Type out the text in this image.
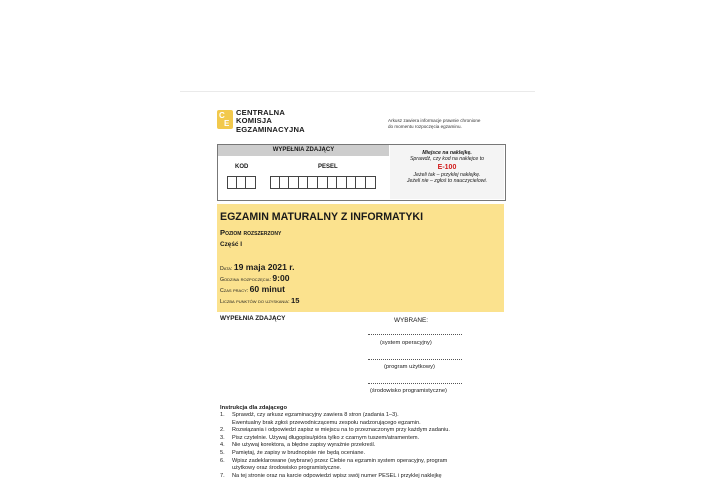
C
E
CENTRALNA
KOMISJA
EGZAMINACYJNA
Arkusz zawiera informacje prawnie chronione
do momentu rozpoczęcia egzaminu.
WYPEŁNIA ZDAJĄCY
KOD	PESEL
Miejsce na naklejkę.
Sprawdź, czy kod na naklejce to
E-100
Jeżeli tak – przyklej naklejkę.
Jeżeli nie – zgłoś to nauczycielowi.
EGZAMIN MATURALNY Z INFORMATYKI
Poziom rozszerzony
Część I
Data: 19 maja 2021 r.
Godzina rozpoczęcia: 9:00
Czas pracy: 60 minut
Liczba punktów do uzyskania: 15
WYPEŁNIA ZDAJĄCY	WYBRANE:
(system operacyjny)
(program użytkowy)
(środowisko programistyczne)
Instrukcja dla zdającego
1. Sprawdź, czy arkusz egzaminacyjny zawiera 8 stron (zadania 1–3).
Ewentualny brak zgłoś przewodniczącemu zespołu nadzorującego egzamin.
2. Rozwiązania i odpowiedzi zapisz w miejscu na to przeznaczonym przy każdym zadaniu.
3. Pisz czytelnie. Używaj długopisu/pióra tylko z czarnym tuszem/atramentem.
4. Nie używaj korektora, a błędne zapisy wyraźnie przekreśl.
5. Pamiętaj, że zapisy w brudnopisie nie będą oceniane.
6. Wpisz zadeklarowane (wybrane) przez Ciebie na egzamin system operacyjny, program
użytkowy oraz środowisko programistyczne.
7. Na tej stronie oraz na karcie odpowiedzi wpisz swój numer PESEL i przyklej naklejkę
